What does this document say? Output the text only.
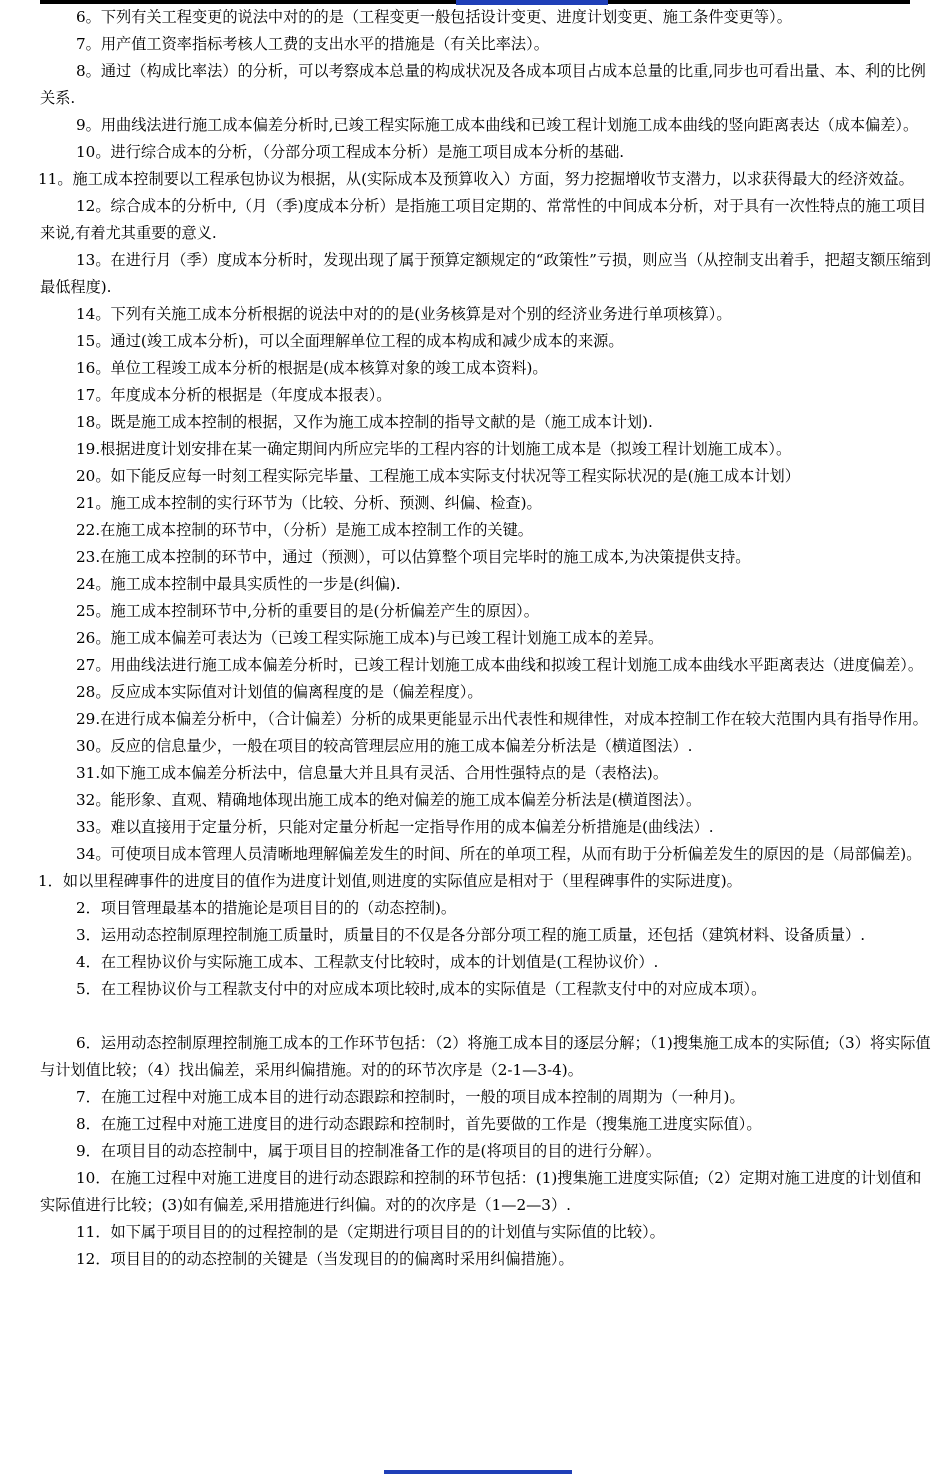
6。下列有关工程变更的说法中对的的是（工程变更一般包括设计变更、进度计划变更、施工条件变更等）。

7。用产值工资率指标考核人工费的支出水平的措施是（有关比率法）。

8。通过（构成比率法）的分析，可以考察成本总量的构成状况及各成本项目占成本总量的比重,同步也可看出量、本、利的比例关系.

9。用曲线法进行施工成本偏差分析时,已竣工程实际施工成本曲线和已竣工程计划施工成本曲线的竖向距离表达（成本偏差）。

10。进行综合成本的分析，（分部分项工程成本分析）是施工项目成本分析的基础.

11。施工成本控制要以工程承包协议为根据，从(实际成本及预算收入）方面，努力挖掘增收节支潜力，以求获得最大的经济效益。

12。综合成本的分析中,（月（季)度成本分析）是指施工项目定期的、常常性的中间成本分析，对于具有一次性特点的施工项目来说,有着尤其重要的意义.

13。在进行月（季）度成本分析时，发现出现了属于预算定额规定的“政策性”亏损，则应当（从控制支出着手，把超支额压缩到最低程度).

14。下列有关施工成本分析根据的说法中对的的是(业务核算是对个别的经济业务进行单项核算）。

15。通过(竣工成本分析)，可以全面理解单位工程的成本构成和减少成本的来源。

16。单位工程竣工成本分析的根据是(成本核算对象的竣工成本资料)。

17。年度成本分析的根据是（年度成本报表）。

18。既是施工成本控制的根据，又作为施工成本控制的指导文献的是（施工成本计划).

19.根据进度计划安排在某一确定期间内所应完毕的工程内容的计划施工成本是（拟竣工程计划施工成本）。

20。如下能反应每一时刻工程实际完毕量、工程施工成本实际支付状况等工程实际状况的是(施工成本计划）

21。施工成本控制的实行环节为（比较、分析、预测、纠偏、检查)。

22.在施工成本控制的环节中，（分析）是施工成本控制工作的关键。

23.在施工成本控制的环节中，通过（预测），可以估算整个项目完毕时的施工成本,为决策提供支持。

24。施工成本控制中最具实质性的一步是(纠偏).

25。施工成本控制环节中,分析的重要目的是(分析偏差产生的原因）。

26。施工成本偏差可表达为（已竣工程实际施工成本)与已竣工程计划施工成本的差异。

27。用曲线法进行施工成本偏差分析时，已竣工程计划施工成本曲线和拟竣工程计划施工成本曲线水平距离表达（进度偏差）。

28。反应成本实际值对计划值的偏离程度的是（偏差程度）。

29.在进行成本偏差分析中，（合计偏差）分析的成果更能显示出代表性和规律性，对成本控制工作在较大范围内具有指导作用。

30。反应的信息量少，一般在项目的较高管理层应用的施工成本偏差分析法是（横道图法）.

31.如下施工成本偏差分析法中，信息量大并且具有灵活、合用性强特点的是（表格法)。

32。能形象、直观、精确地体现出施工成本的绝对偏差的施工成本偏差分析法是(横道图法）。

33。难以直接用于定量分析，只能对定量分析起一定指导作用的成本偏差分析措施是(曲线法）.

34。可使项目成本管理人员清晰地理解偏差发生的时间、所在的单项工程，从而有助于分析偏差发生的原因的是（局部偏差)。

1．如以里程碑事件的进度目的值作为进度计划值,则进度的实际值应是相对于（里程碑事件的实际进度)。

2．项目管理最基本的措施论是项目目的的（动态控制)。

3．运用动态控制原理控制施工质量时，质量目的不仅是各分部分项工程的施工质量，还包括（建筑材料、设备质量）.

4．在工程协议价与实际施工成本、工程款支付比较时，成本的计划值是(工程协议价）.

5．在工程协议价与工程款支付中的对应成本项比较时,成本的实际值是（工程款支付中的对应成本项）。

6．运用动态控制原理控制施工成本的工作环节包括：（2）将施工成本目的逐层分解；（1)搜集施工成本的实际值;（3）将实际值与计划值比较；（4）找出偏差，采用纠偏措施。对的的环节次序是（2-1—3-4)。

7．在施工过程中对施工成本目的进行动态跟踪和控制时，一般的项目成本控制的周期为（一种月)。

8．在施工过程中对施工进度目的进行动态跟踪和控制时，首先要做的工作是（搜集施工进度实际值）。

9．在项目目的动态控制中，属于项目目的控制准备工作的是(将项目的目的进行分解）。

10．在施工过程中对施工进度目的进行动态跟踪和控制的环节包括：(1)搜集施工进度实际值;（2）定期对施工进度的计划值和实际值进行比较；(3)如有偏差,采用措施进行纠偏。对的的次序是（1—2—3）.

11．如下属于项目目的的过程控制的是（定期进行项目目的的计划值与实际值的比较）。

12．项目目的的动态控制的关键是（当发现目的的偏离时采用纠偏措施）。
